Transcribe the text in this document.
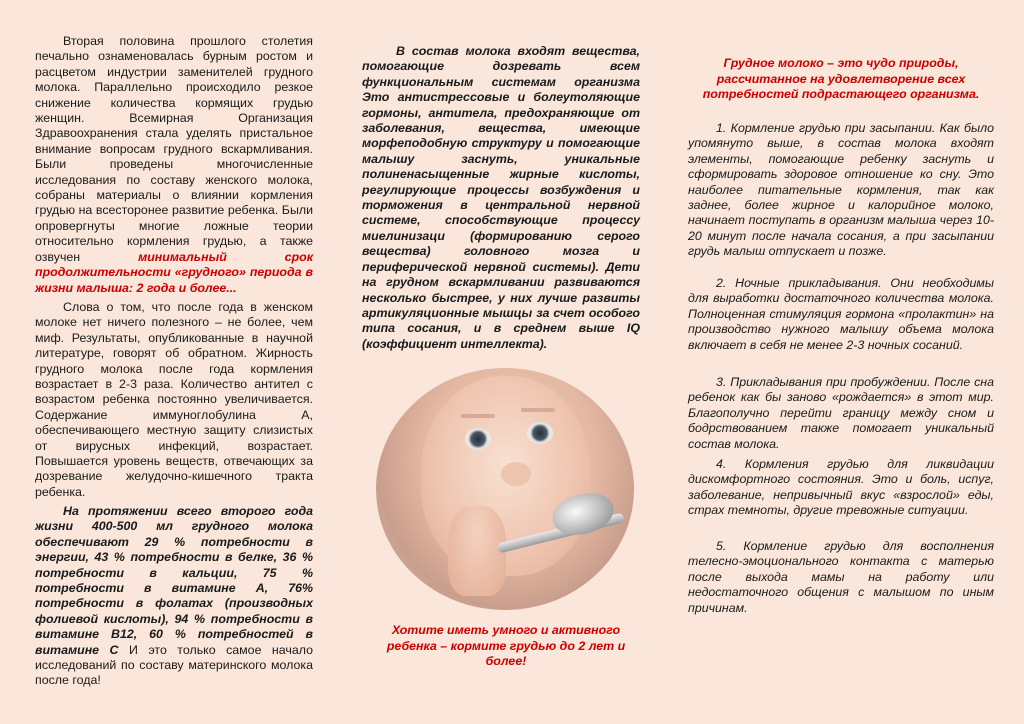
Вторая половина прошлого столетия печально ознаменовалась бурным ростом и расцветом индустрии заменителей грудного молока. Параллельно происходило резкое снижение количества кормящих грудью женщин. Всемирная Организация Здравоохранения стала уделять пристальное внимание вопросам грудного вскармливания. Были проведены многочисленные исследования по составу женского молока, собраны материалы о влиянии кормления грудью на всесторонее развитие ребенка. Были опровергнуты многие ложные теории относительно кормления грудью, а также озвучен	минимальный срок продолжительности «грудного» периода в жизни малыша: 2 года и более...

Слова о том, что после года в женском молоке нет ничего полезного – не более, чем миф. Результаты, опубликованные в научной литературе, говорят об обратном. Жирность грудного молока после года кормления возрастает в 2-3 раза. Количество антител с возрастом ребенка постоянно увеличивается. Содержание иммуноглобулина А, обеспечивающего местную защиту слизистых от вирусных инфекций, возрастает. Повышается уровень веществ, отвечающих за дозревание желудочно-кишечного тракта ребенка.

На протяжении всего второго года жизни 400-500 мл грудного молока обеспечивают 29 % потребности в энергии, 43 % потребности в белке, 36 % потребности в кальции, 75 % потребности в витамине А, 76% потребности в фолатах (производных фолиевой кислоты), 94 % потребности в витамине В12, 60 % потребностей в витамине С И это только самое начало исследований по составу материнского молока после года!

В состав молока входят вещества, помогающие дозревать всем функциональным системам организма Это антистрессовые и болеутоляющие гормоны, антитела, предохраняющие от заболевания, вещества, имеющие морфеподобную структуру и помогающие малышу заснуть, уникальные полиненасыщенные жирные кислоты, регулирующие процессы возбуждения и торможения в центральной нервной системе, способствующие процессу миелинизаци (формированию серого вещества) головного мозга и периферической нервной системы). Дети на грудном вскармливании развиваются несколько быстрее, у них лучше развиты артикуляционные мышцы за счет особого типа сосания, и в среднем выше IQ (коэффициент интеллекта).

Хотите иметь умного и активного ребенка – кормите грудью до 2 лет и более!

Грудное молоко – это чудо природы, рассчитанное на удовлетворение всех потребностей подрастающего организма.

1. Кормление грудью при засыпании. Как было упомянуто выше, в состав молока входят элементы, помогающие ребенку заснуть и сформировать здоровое отношение ко сну. Это наиболее питательные кормления, так как заднее, более жирное и калорийное молоко, начинает поступать в организм малыша через 10-20 минут после начала сосания, а при засыпании грудь малыш отпускает и позже.

2. Ночные прикладывания. Они необходимы для выработки достаточного количества молока. Полноценная стимуляция гормона «пролактин» на производство нужного малышу объема молока включает в себя не менее 2-3 ночных сосаний.

3. Прикладывания при пробуждении. После сна ребенок как бы заново «рождается» в этот мир. Благополучно перейти границу между сном и бодрствованием также помогает уникальный состав молока.

4. Кормления грудью для ликвидации дискомфортного состояния. Это и боль, испуг, заболевание, непривычный вкус «взрослой» еды, страх темноты, другие тревожные ситуации.

5. Кормление грудью для восполнения телесно-эмоционального контакта с матерью после выхода мамы на работу или недостаточного общения с малышом по иным причинам.
